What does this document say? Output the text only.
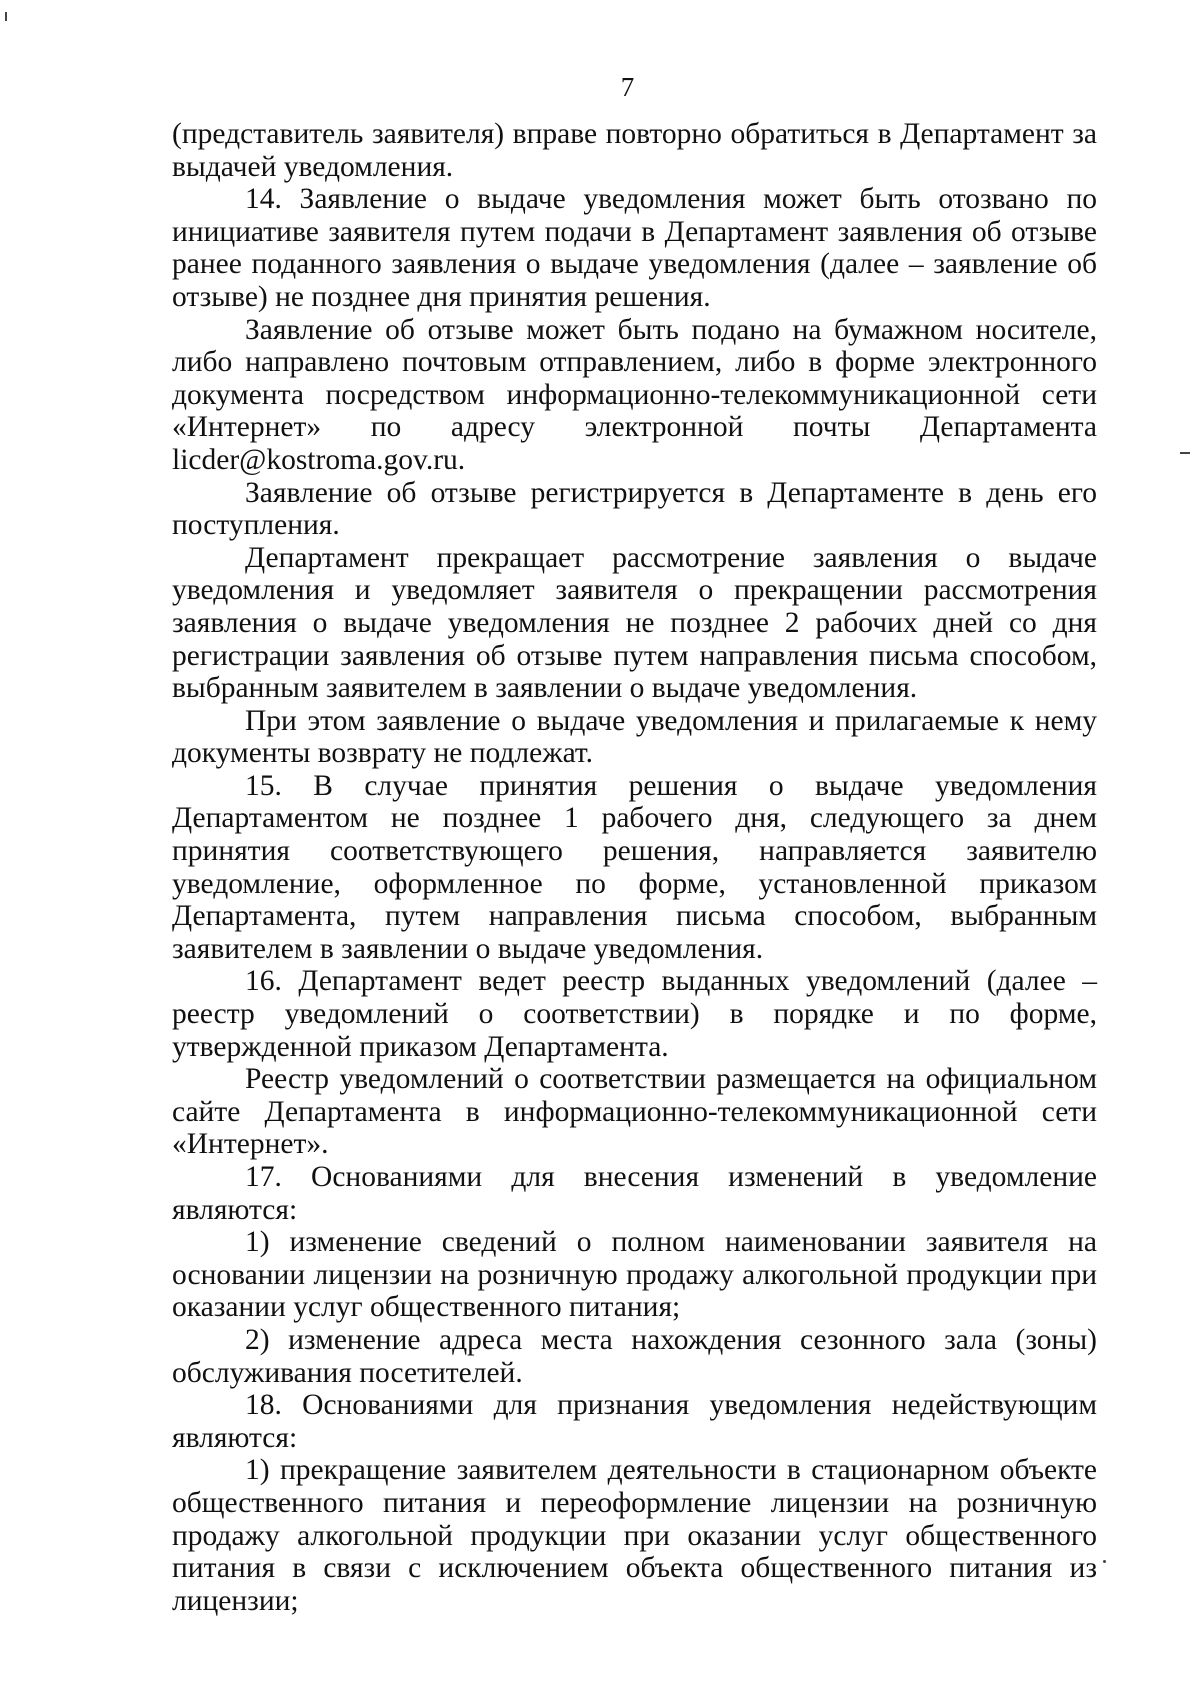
7

(представитель заявителя) вправе повторно обратиться в Департамент за выдачей уведомления.

14. Заявление о выдаче уведомления может быть отозвано по инициативе заявителя путем подачи в Департамент заявления об отзыве ранее поданного заявления о выдаче уведомления (далее – заявление об отзыве) не позднее дня принятия решения.

Заявление об отзыве может быть подано на бумажном носителе, либо направлено почтовым отправлением, либо в форме электронного документа посредством информационно-телекоммуникационной сети «Интернет» по адресу электронной почты Департамента licder@kostroma.gov.ru.

Заявление об отзыве регистрируется в Департаменте в день его поступления.

Департамент прекращает рассмотрение заявления о выдаче уведомления и уведомляет заявителя о прекращении рассмотрения заявления о выдаче уведомления не позднее 2 рабочих дней со дня регистрации заявления об отзыве путем направления письма способом, выбранным заявителем в заявлении о выдаче уведомления.

При этом заявление о выдаче уведомления и прилагаемые к нему документы возврату не подлежат.

15. В случае принятия решения о выдаче уведомления Департаментом не позднее 1 рабочего дня, следующего за днем принятия соответствующего решения, направляется заявителю уведомление, оформленное по форме, установленной приказом Департамента, путем направления письма способом, выбранным заявителем в заявлении о выдаче уведомления.

16. Департамент ведет реестр выданных уведомлений (далее – реестр уведомлений о соответствии) в порядке и по форме, утвержденной приказом Департамента.

Реестр уведомлений о соответствии размещается на официальном сайте Департамента в информационно-телекоммуникационной сети «Интернет».

17. Основаниями для внесения изменений в уведомление являются:

1) изменение сведений о полном наименовании заявителя на основании лицензии на розничную продажу алкогольной продукции при оказании услуг общественного питания;

2) изменение адреса места нахождения сезонного зала (зоны) обслуживания посетителей.

18. Основаниями для признания уведомления недействующим являются:

1) прекращение заявителем деятельности в стационарном объекте общественного питания и переоформление лицензии на розничную продажу алкогольной продукции при оказании услуг общественного питания в связи с исключением объекта общественного питания из лицензии;
